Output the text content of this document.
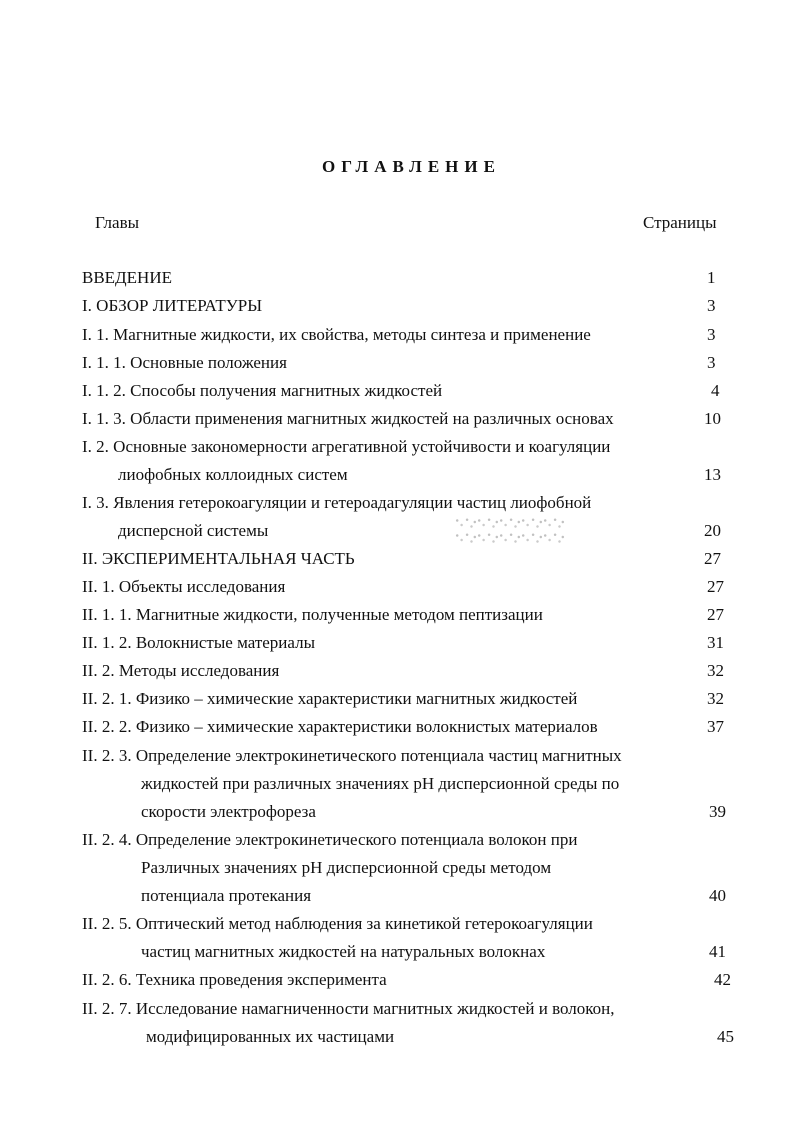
ОГЛАВЛЕНИЕ
Главы	Страницы
ВВЕДЕНИЕ	1
I. ОБЗОР ЛИТЕРАТУРЫ	3
I. 1. Магнитные жидкости, их свойства, методы синтеза и применение	3
I. 1. 1. Основные положения	3
I. 1. 2. Способы получения магнитных жидкостей	4
I. 1. 3. Области применения магнитных жидкостей на различных основах	10
I. 2. Основные закономерности агрегативной устойчивости и коагуляции
лиофобных коллоидных систем	13
I. 3. Явления гетерокоагуляции и гетероадагуляции частиц лиофобной
дисперсной системы	20
II. ЭКСПЕРИМЕНТАЛЬНАЯ ЧАСТЬ	27
II. 1. Объекты исследования	27
II. 1. 1. Магнитные жидкости, полученные методом пептизации	27
II. 1. 2. Волокнистые материалы	31
II. 2. Методы исследования	32
II. 2. 1. Физико – химические характеристики магнитных жидкостей	32
II. 2. 2. Физико – химические характеристики волокнистых материалов	37
II. 2. 3. Определение электрокинетического потенциала частиц магнитных
жидкостей при различных значениях pH дисперсионной среды по
скорости электрофореза	39
II. 2. 4. Определение электрокинетического потенциала волокон при
Различных значениях pH дисперсионной среды методом
потенциала протекания	40
II. 2. 5. Оптический метод наблюдения за кинетикой гетерокоагуляции
частиц магнитных жидкостей на натуральных волокнах	41
II. 2. 6. Техника проведения эксперимента	42
II. 2. 7. Исследование намагниченности магнитных жидкостей и волокон,
модифицированных их частицами	45
